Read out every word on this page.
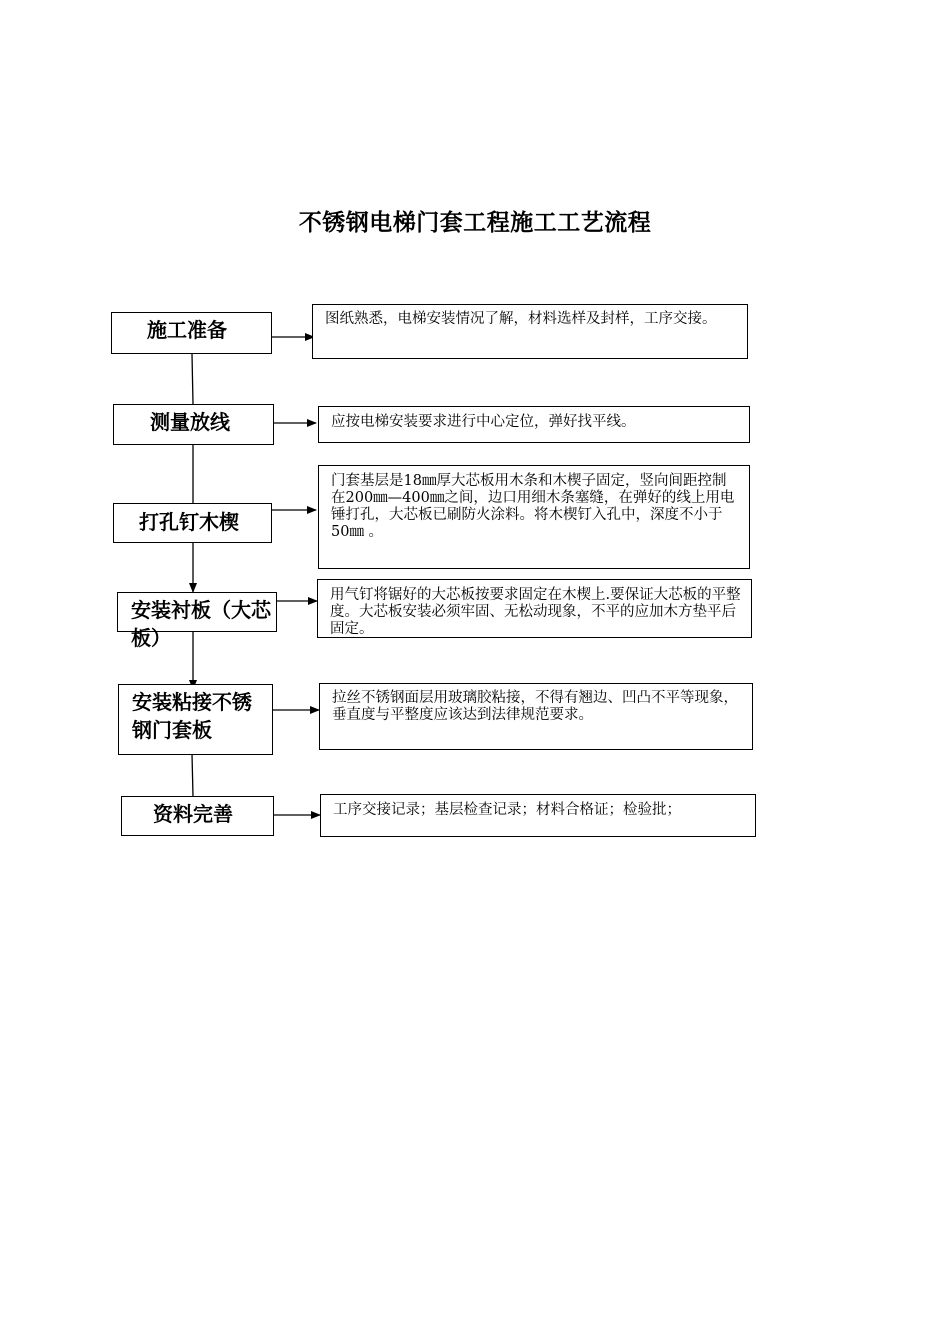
不锈钢电梯门套工程施工工艺流程
施工准备
测量放线
打孔钉木楔
安装衬板（大芯板）
安装粘接不锈钢门套板
资料完善
图纸熟悉，电梯安装情况了解，材料选样及封样，工序交接。
应按电梯安装要求进行中心定位，弹好找平线。
门套基层是18㎜厚大芯板用木条和木楔子固定，竖向间距控制在200㎜—400㎜之间，边口用细木条塞缝，在弹好的线上用电锤打孔，大芯板已刷防火涂料。将木楔钉入孔中，深度不小于50㎜ 。
用气钉将锯好的大芯板按要求固定在木楔上.要保证大芯板的平整度。大芯板安装必须牢固、无松动现象，不平的应加木方垫平后固定。
拉丝不锈钢面层用玻璃胶粘接，不得有翘边、凹凸不平等现象，垂直度与平整度应该达到法律规范要求。
工序交接记录；基层检查记录；材料合格证；检验批；
